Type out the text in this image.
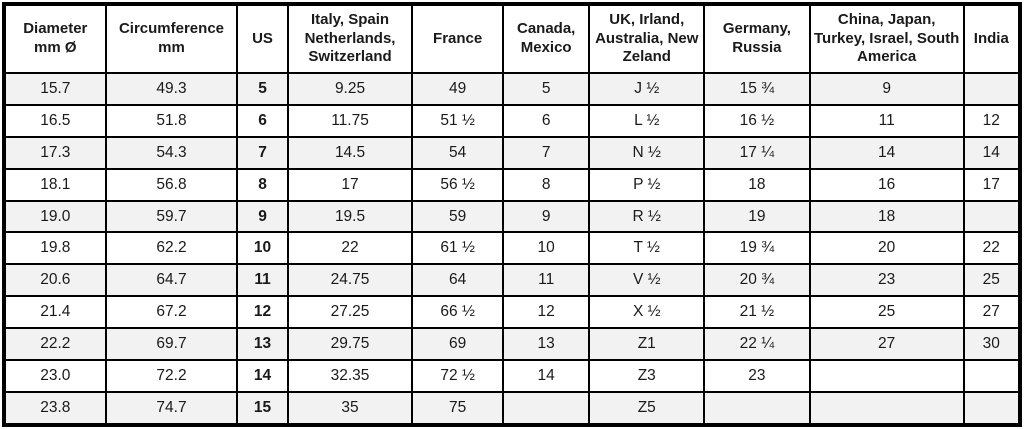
Diameter mm Ø	Circumference mm	US	Italy, Spain Netherlands, Switzerland	France	Canada, Mexico	UK, Irland, Australia, New Zeland	Germany, Russia	China, Japan, Turkey, Israel, South America	India
15.7	49.3	5	9.25	49	5	J ½	15 ¾	9	
16.5	51.8	6	11.75	51 ½	6	L ½	16 ½	11	12
17.3	54.3	7	14.5	54	7	N ½	17 ¼	14	14
18.1	56.8	8	17	56 ½	8	P ½	18	16	17
19.0	59.7	9	19.5	59	9	R ½	19	18	
19.8	62.2	10	22	61 ½	10	T ½	19 ¾	20	22
20.6	64.7	11	24.75	64	11	V ½	20 ¾	23	25
21.4	67.2	12	27.25	66 ½	12	X ½	21 ½	25	27
22.2	69.7	13	29.75	69	13	Z1	22 ¼	27	30
23.0	72.2	14	32.35	72 ½	14	Z3	23		
23.8	74.7	15	35	75		Z5			
